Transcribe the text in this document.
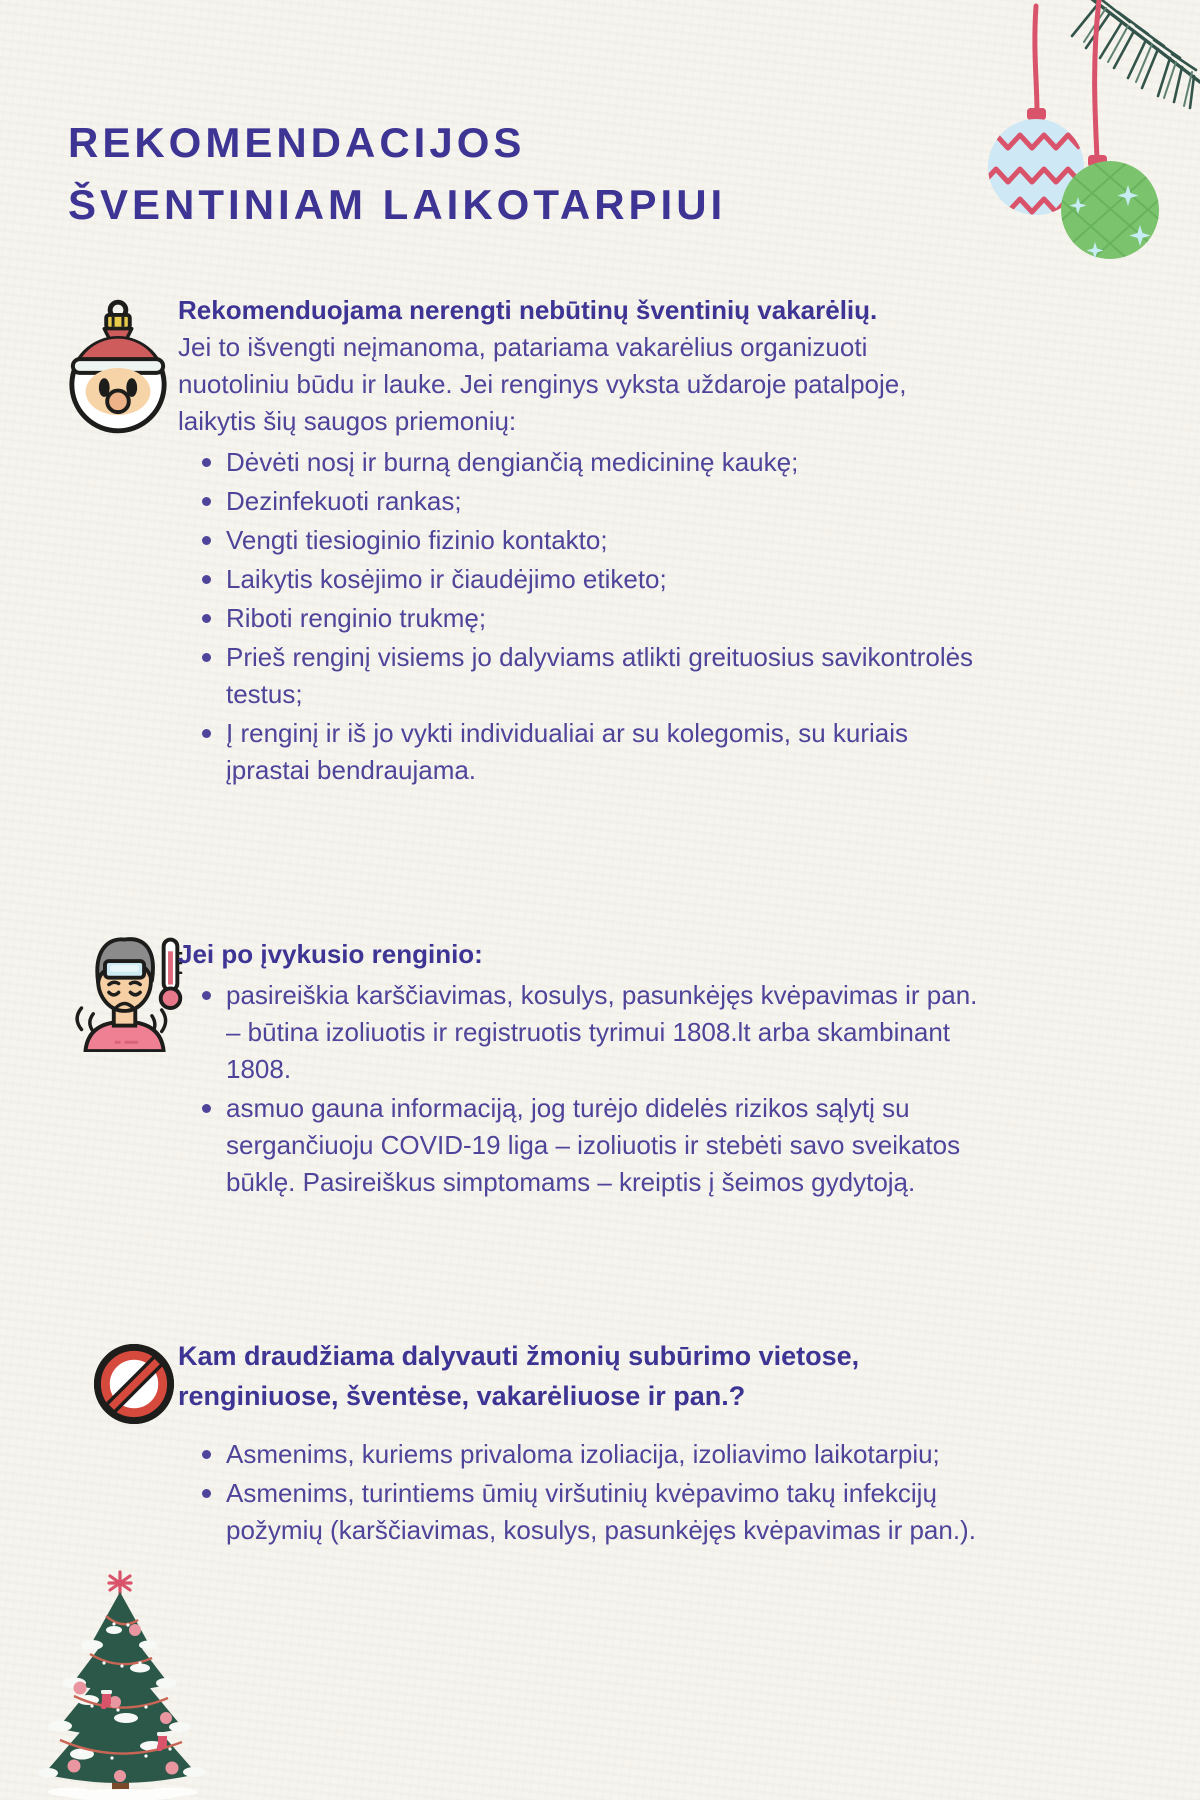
REKOMENDACIJOS
ŠVENTINIAM LAIKOTARPIUI

Rekomenduojama nerengti nebūtinų šventinių vakarėlių.

Jei to išvengti neįmanoma, patariama vakarėlius organizuoti nuotoliniu būdu ir lauke. Jei renginys vyksta uždaroje patalpoje, laikytis šių saugos priemonių:

Dėvėti nosį ir burną dengiančią medicininę kaukę;
Dezinfekuoti rankas;
Vengti tiesioginio fizinio kontakto;
Laikytis kosėjimo ir čiaudėjimo etiketo;
Riboti renginio trukmę;
Prieš renginį visiems jo dalyviams atlikti greituosius savikontrolės testus;
Į renginį ir iš jo vykti individualiai ar su kolegomis, su kuriais įprastai bendraujama.

Jei po įvykusio renginio:

pasireiškia karščiavimas, kosulys, pasunkėjęs kvėpavimas ir pan. – būtina izoliuotis ir registruotis tyrimui 1808.lt arba skambinant 1808.
asmuo gauna informaciją, jog turėjo didelės rizikos sąlytį su sergančiuoju COVID-19 liga – izoliuotis ir stebėti savo sveikatos būklę. Pasireiškus simptomams – kreiptis į šeimos gydytoją.

Kam draudžiama dalyvauti žmonių subūrimo vietose, renginiuose, šventėse, vakarėliuose ir pan.?

Asmenims, kuriems privaloma izoliacija, izoliavimo laikotarpiu;
Asmenims, turintiems ūmių viršutinių kvėpavimo takų infekcijų požymių (karščiavimas, kosulys, pasunkėjęs kvėpavimas ir pan.).
